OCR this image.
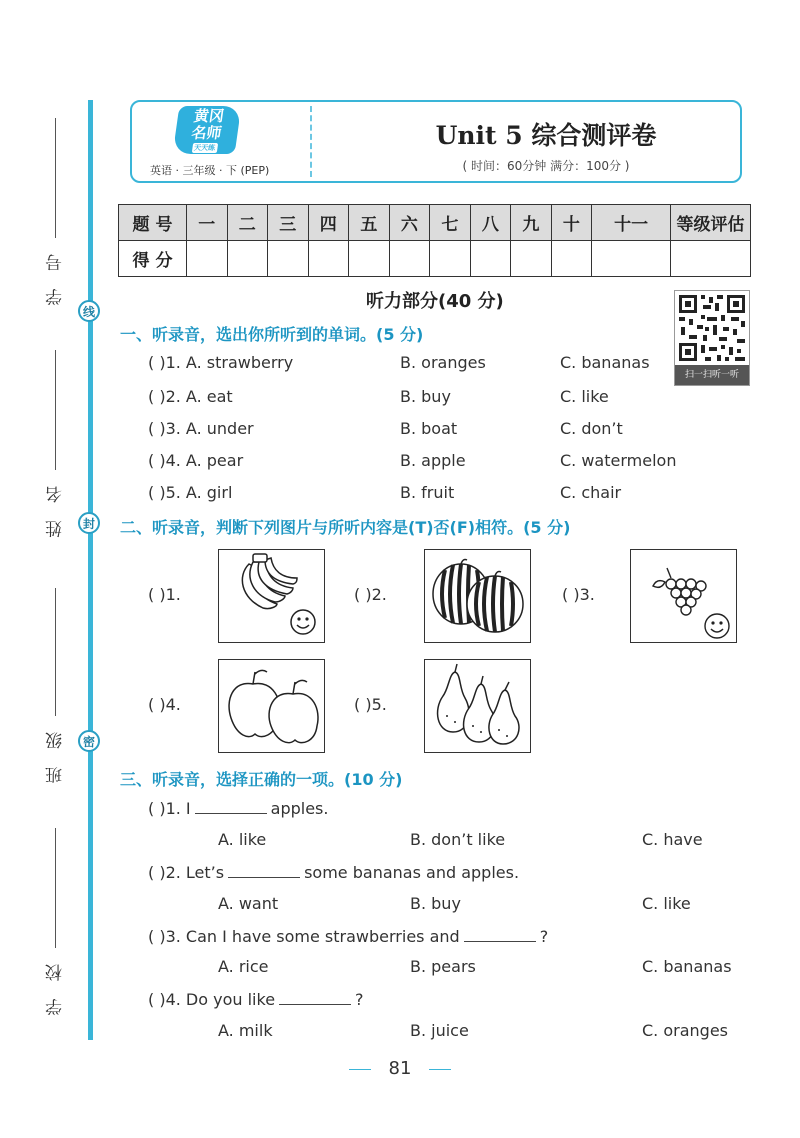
学 号
姓 名
班 级
学 校
线
封
密
黄冈
名师
天天练
英语 · 三年级 · 下 (PEP)
Unit 5 综合测评卷
( 时间：60分钟 满分：100分 )
题 号	一	二	三	四	五	六	七	八	九	十	十一	等级评估
得 分												
听力部分(40 分)
扫一扫听一听
一、听录音，选出你所听到的单词。(5 分)
( )1. A. strawberry	B. oranges	C. bananas
( )2. A. eat	B. buy	C. like
( )3. A. under	B. boat	C. don’t
( )4. A. pear	B. apple	C. watermelon
( )5. A. girl	B. fruit	C. chair
二、听录音，判断下列图片与所听内容是(T)否(F)相符。(5 分)
( )1.	( )2.	( )3.
( )4.	( )5.
三、听录音，选择正确的一项。(10 分)
( )1. I	apples.
A. like	B. don’t like	C. have
( )2. Let’s	some bananas and apples.
A. want	B. buy	C. like
( )3. Can I have some strawberries and	?
A. rice	B. pears	C. bananas
( )4. Do you like	?
A. milk	B. juice	C. oranges
81
